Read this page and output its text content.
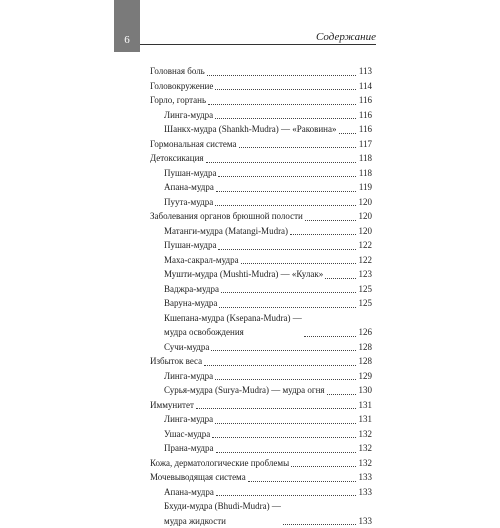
6	Содержание
Головная боль	113
Головокружение	114
Горло, гортань	116
Линга-мудра	116
Шанкх-мудра (Shankh-Mudra) — «Раковина» 116
Гормональная система	117
Детоксикация	118
Пушан-мудра	118
Апана-мудра	119
Пуута-мудра	120
Заболевания органов брюшной полости	120
Матанги-мудра (Matangi-Mudra)	120
Пушан-мудра	122
Маха-сакрал-мудра	122
Мушти-мудра (Mushti-Mudra) — «Кулак»	123
Ваджра-мудра	125
Варуна-мудра	125
Кшепана-мудра (Ksepana-Mudra) —
мудра освобождения	126
Сучи-мудра	128
Избыток веса	128
Линга-мудра	129
Сурья-мудра (Surya-Mudra) — мудра огня	130
Иммунитет	131
Линга-мудра	131
Ушас-мудра	132
Прана-мудра	132
Кожа, дерматологические проблемы	132
Мочевыводящая система	133
Апана-мудра	133
Бхуди-мудра (Bhudi-Mudra) —
мудра жидкости	133
